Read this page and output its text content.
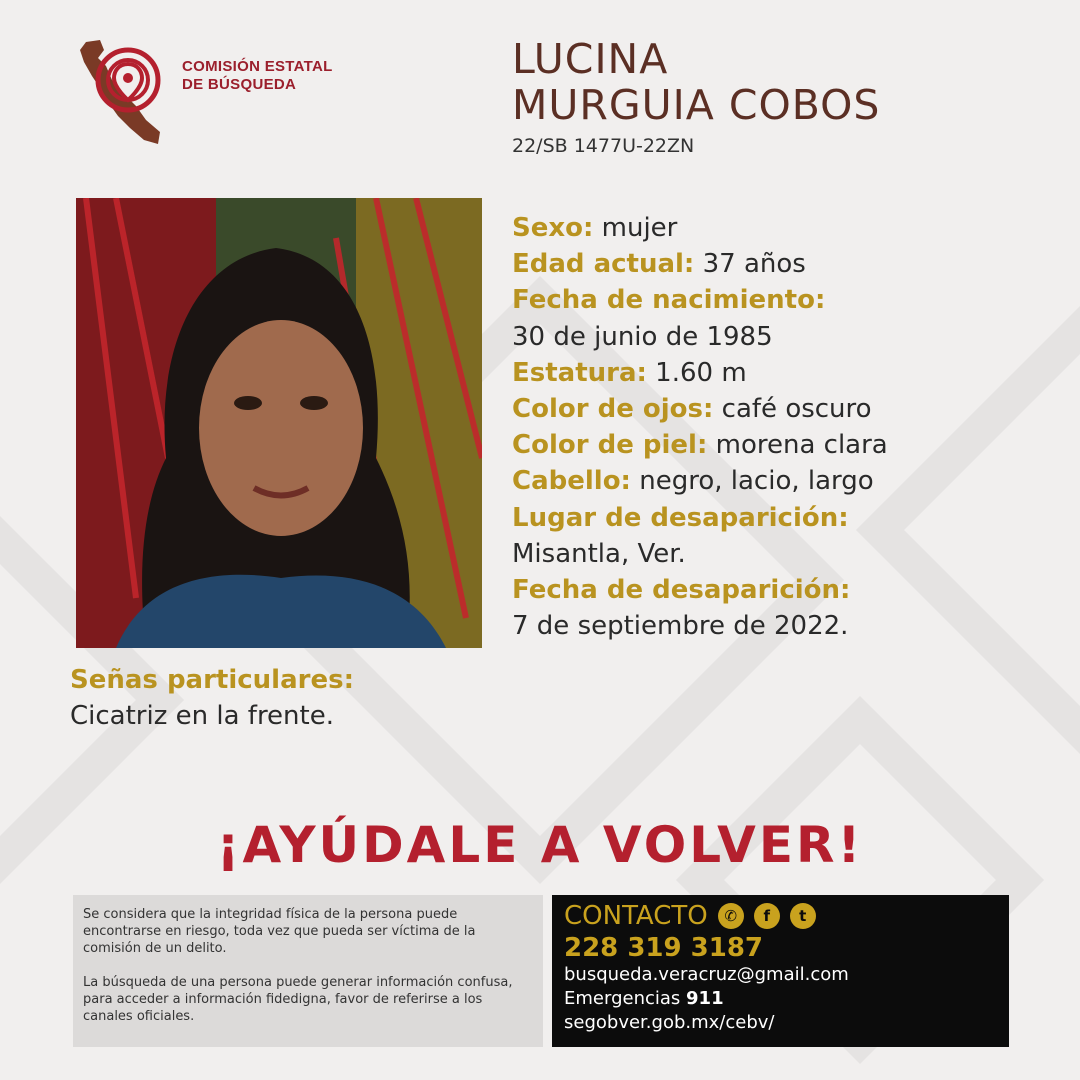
COMISIÓN ESTATAL
DE BÚSQUEDA
LUCINA
MURGUIA COBOS
22/SB 1477U-22ZN
Sexo: mujer
Edad actual: 37 años
Fecha de nacimiento:
30 de junio de 1985
Estatura: 1.60 m
Color de ojos: café oscuro
Color de piel: morena clara
Cabello: negro, lacio, largo
Lugar de desaparición:
Misantla, Ver.
Fecha de desaparición:
7 de septiembre de 2022.
Señas particulares:
Cicatriz en la frente.
¡AYÚDALE A VOLVER!

Se considera que la integridad física de la persona puede encontrarse en riesgo, toda vez que pueda ser víctima de la comisión de un delito.

La búsqueda de una persona puede generar información confusa, para acceder a información fidedigna, favor de referirse a los canales oficiales.

CONTACTO	✆	f	t
228 319 3187
busqueda.veracruz@gmail.com
Emergencias 911
segobver.gob.mx/cebv/
